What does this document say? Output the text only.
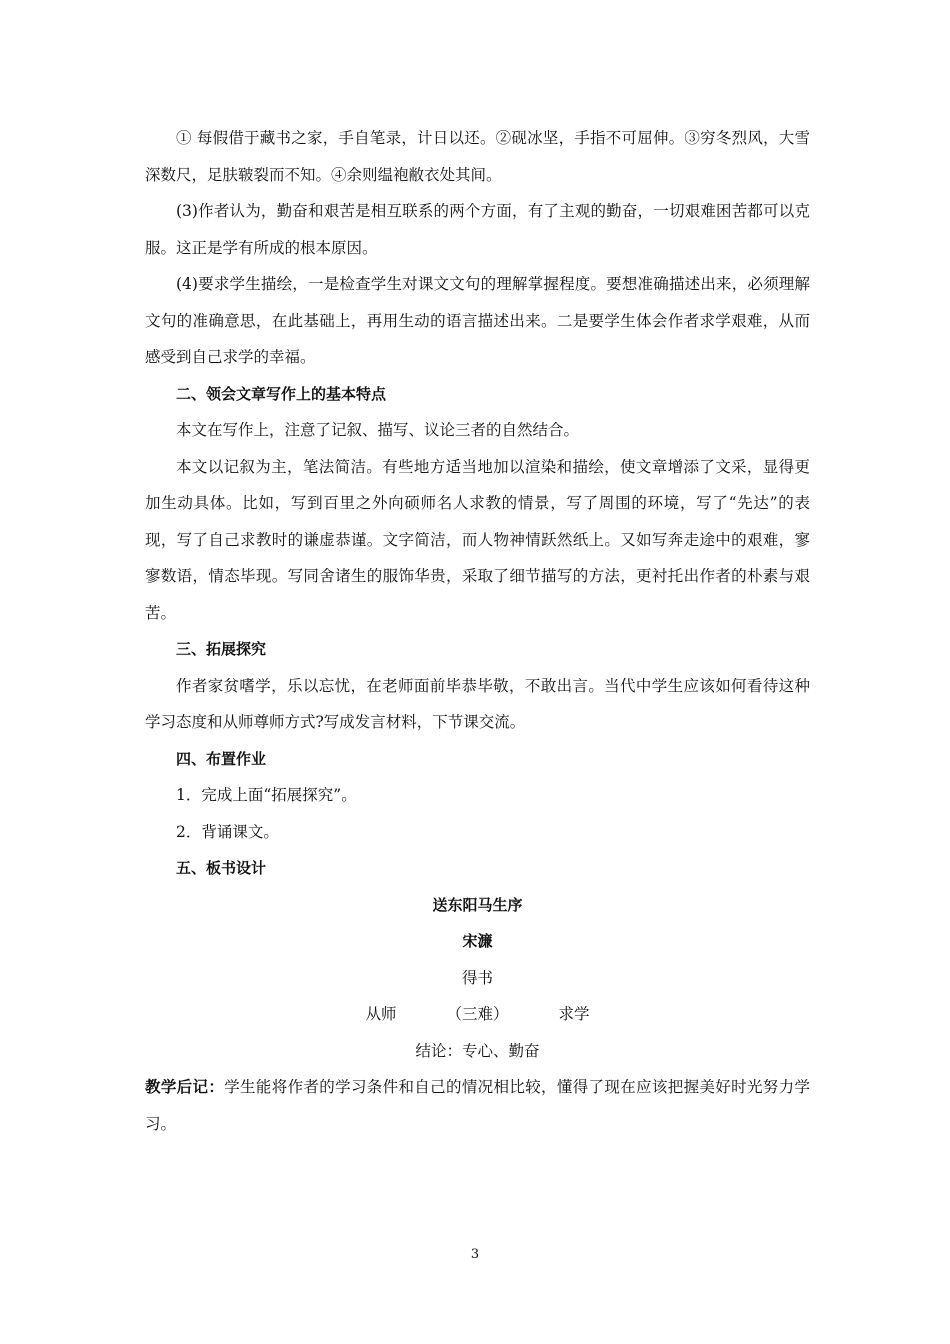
① 每假借于藏书之家，手自笔录，计日以还。②砚冰坚，手指不可屈伸。③穷冬烈风，大雪深数尺，足肤皲裂而不知。④余则缊袍敝衣处其间。

(3)作者认为，勤奋和艰苦是相互联系的两个方面，有了主观的勤奋，一切艰难困苦都可以克服。这正是学有所成的根本原因。

(4)要求学生描绘，一是检查学生对课文文句的理解掌握程度。要想准确描述出来，必须理解文句的准确意思，在此基础上，再用生动的语言描述出来。二是要学生体会作者求学艰难，从而感受到自己求学的幸福。

二、领会文章写作上的基本特点

本文在写作上，注意了记叙、描写、议论三者的自然结合。

本文以记叙为主，笔法简洁。有些地方适当地加以渲染和描绘，使文章增添了文采，显得更加生动具体。比如，写到百里之外向硕师名人求教的情景，写了周围的环境，写了“先达”的表现，写了自己求教时的谦虚恭谨。文字简洁，而人物神情跃然纸上。又如写奔走途中的艰难，寥寥数语，情态毕现。写同舍诸生的服饰华贵，采取了细节描写的方法，更衬托出作者的朴素与艰苦。

三、拓展探究

作者家贫嗜学，乐以忘忧，在老师面前毕恭毕敬，不敢出言。当代中学生应该如何看待这种学习态度和从师尊师方式?写成发言材料，下节课交流。

四、布置作业

1．完成上面“拓展探究”。

2．背诵课文。

五、板书设计

送东阳马生序

宋濂

得书

从师	（三难）	求学

结论：专心、勤奋

教学后记：学生能将作者的学习条件和自己的情况相比较，懂得了现在应该把握美好时光努力学习。

3
